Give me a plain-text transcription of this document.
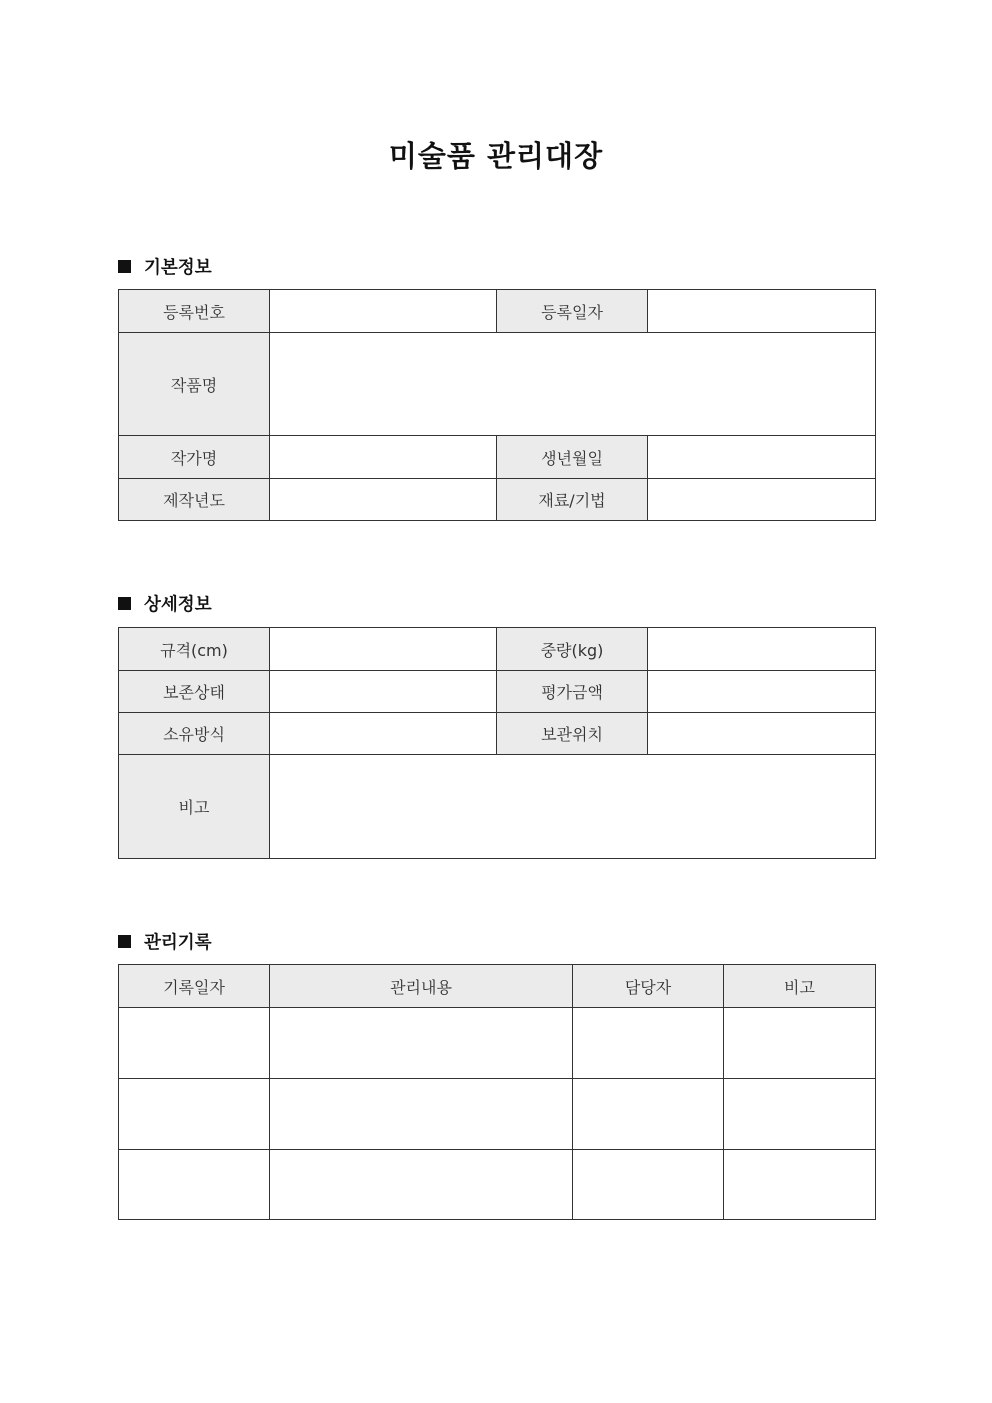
미술품 관리대장
기본정보
등록번호		등록일자	
작품명			
작가명		생년월일	
제작년도		재료/기법	
상세정보
규격(cm)		중량(kg)	
보존상태		평가금액	
소유방식		보관위치	
비고			
관리기록
기록일자	관리내용	담당자	비고
